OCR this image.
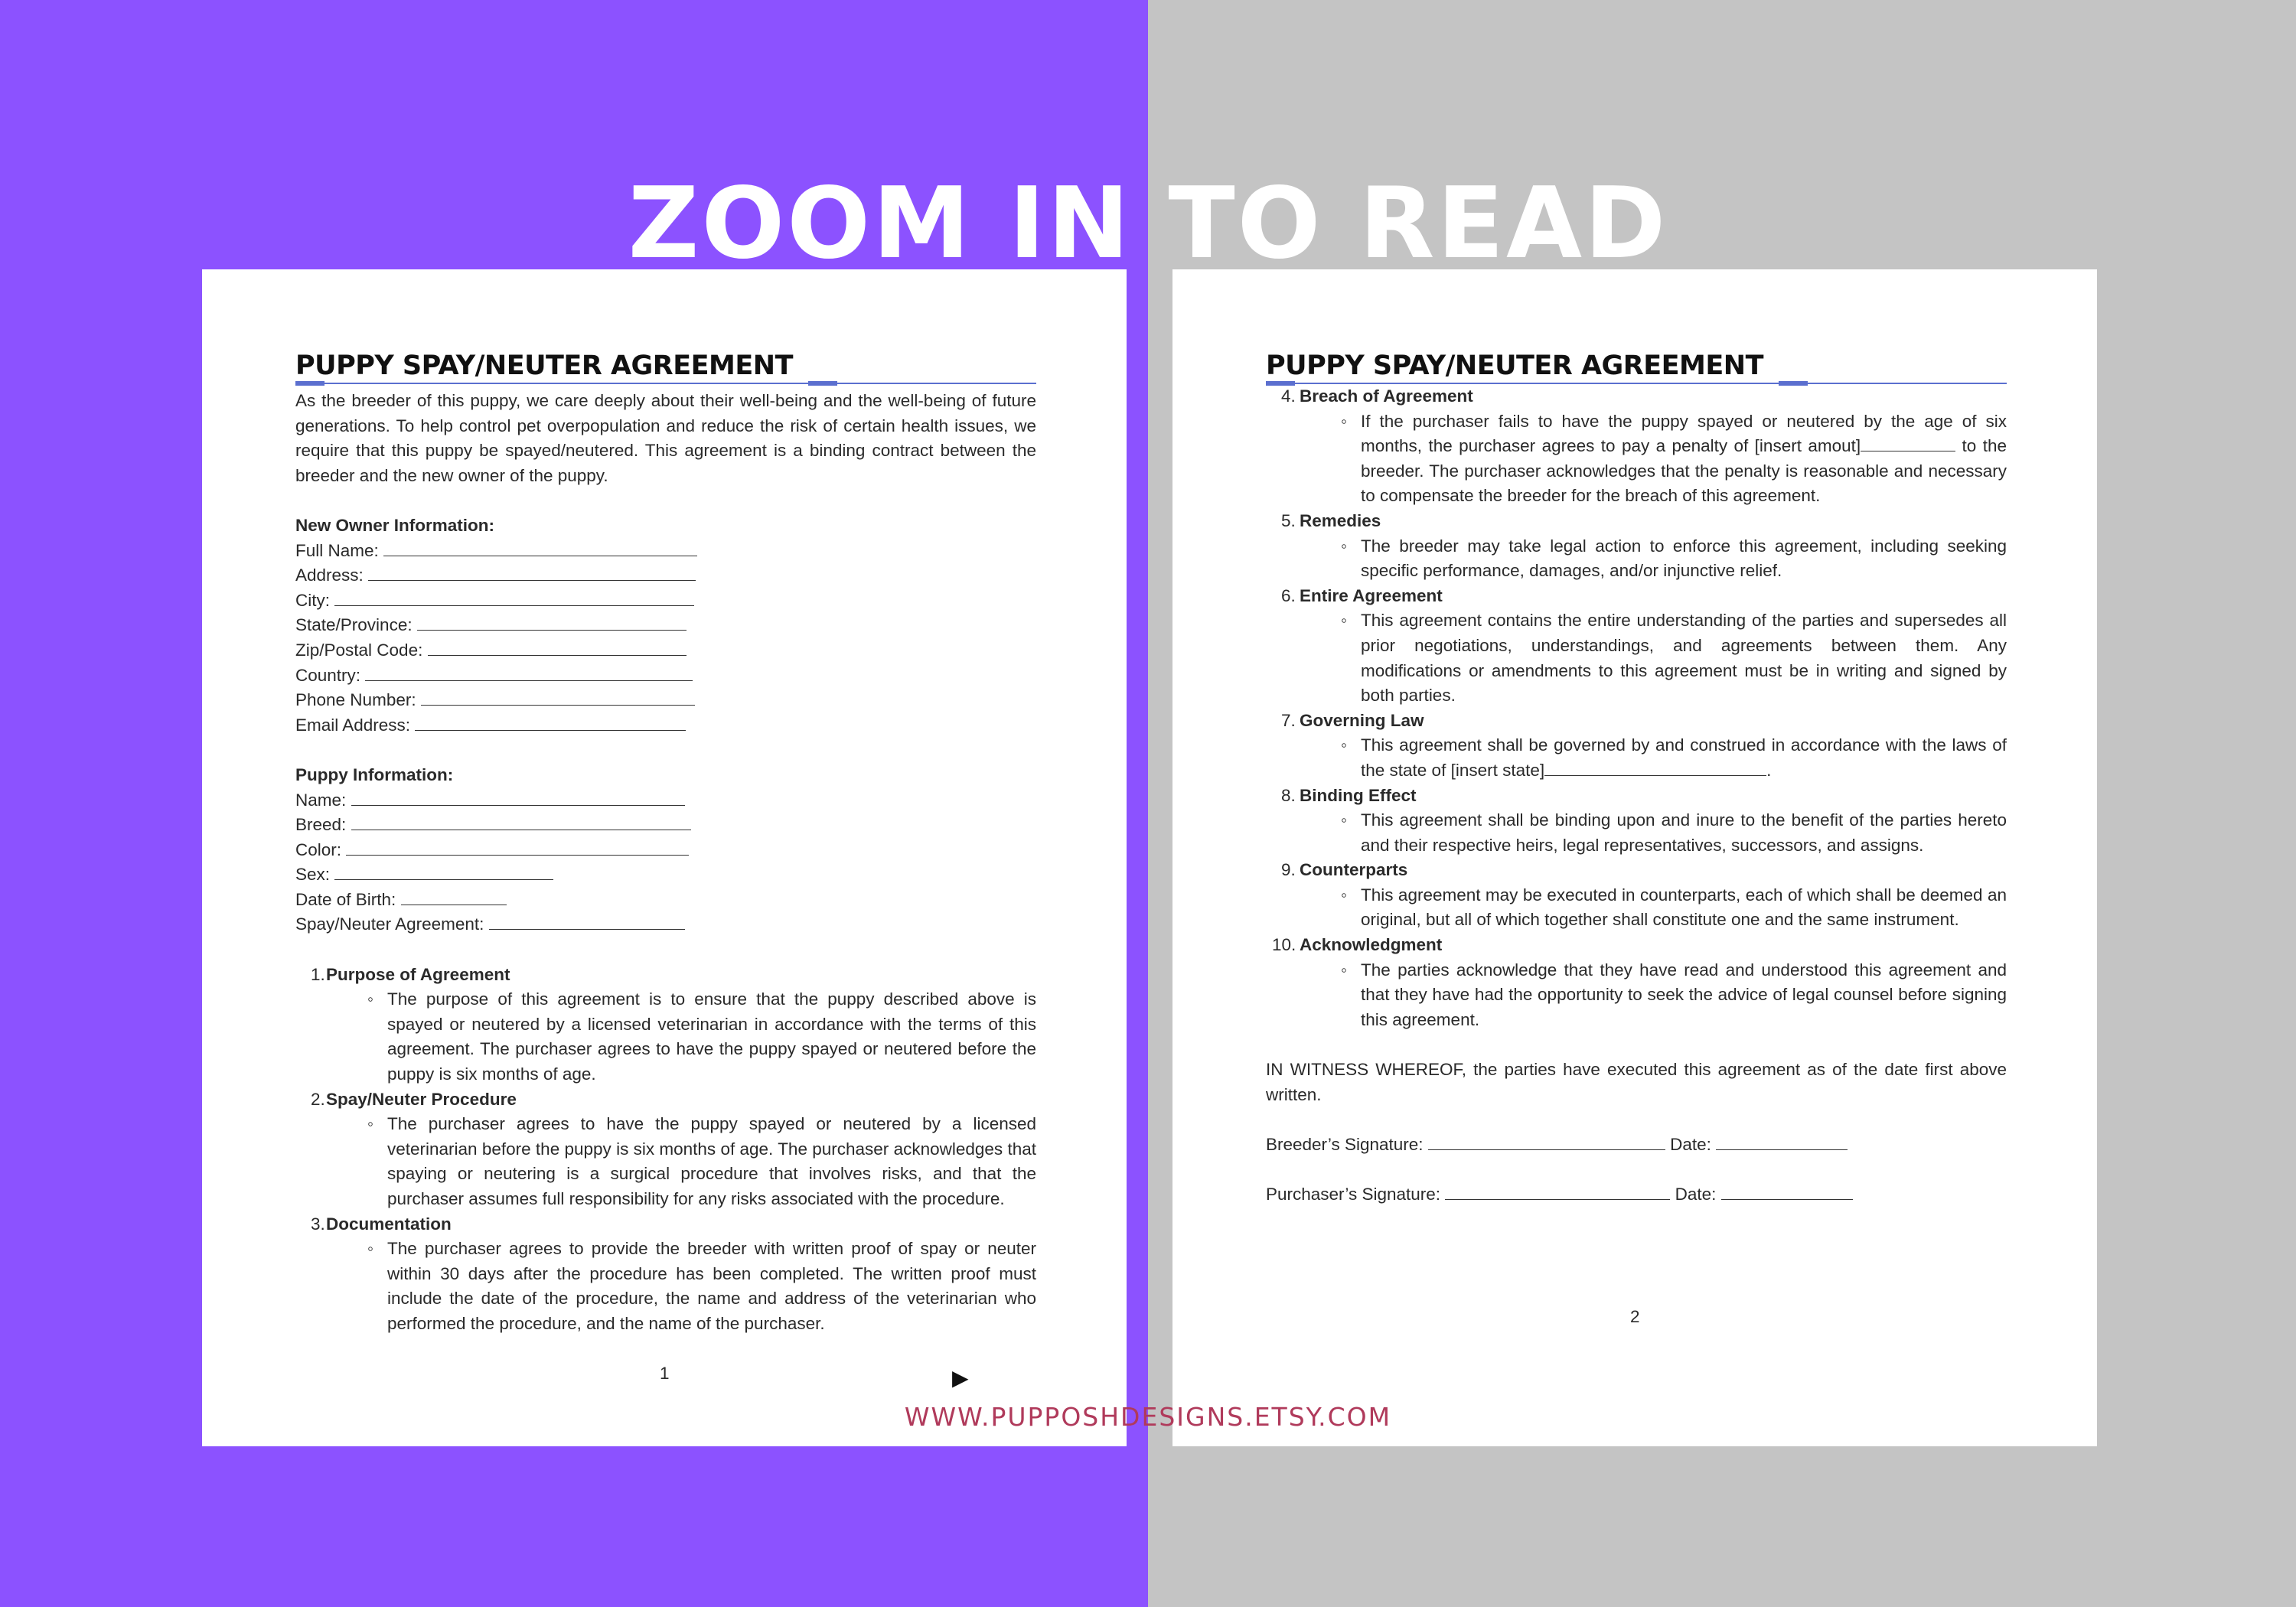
ZOOM IN TO READ
PUPPY SPAY/NEUTER AGREEMENT

As the breeder of this puppy, we care deeply about their well-being and the well-being of future generations. To help control pet overpopulation and reduce the risk of certain health issues, we require that this puppy be spayed/neutered. This agreement is a binding contract between the breeder and the new owner of the puppy.

New Owner Information:

Full Name:

Address:

City:

State/Province:

Zip/Postal Code:

Country:

Phone Number:

Email Address:

Puppy Information:

Name:

Breed:

Color:

Sex:

Date of Birth:

Spay/Neuter Agreement:

1. Purpose of Agreement

◦ The purpose of this agreement is to ensure that the puppy described above is spayed or neutered by a licensed veterinarian in accordance with the terms of this agreement. The purchaser agrees to have the puppy spayed or neutered before the puppy is six months of age.

2. Spay/Neuter Procedure

◦ The purchaser agrees to have the puppy spayed or neutered by a licensed veterinarian before the puppy is six months of age. The purchaser acknowledges that spaying or neutering is a surgical procedure that involves risks, and that the purchaser assumes full responsibility for any risks associated with the procedure.

3. Documentation

◦ The purchaser agrees to provide the breeder with written proof of spay or neuter within 30 days after the procedure has been completed. The written proof must include the date of the procedure, the name and address of the veterinarian who performed the procedure, and the name of the purchaser.

1	▶
PUPPY SPAY/NEUTER AGREEMENT

4. Breach of Agreement

◦ If the purchaser fails to have the puppy spayed or neutered by the age of six months, the purchaser agrees to pay a penalty of [insert amout]	to the breeder. The purchaser acknowledges that the penalty is reasonable and necessary to compensate the breeder for the breach of this agreement.

5. Remedies

◦ The breeder may take legal action to enforce this agreement, including seeking specific performance, damages, and/or injunctive relief.

6. Entire Agreement

◦ This agreement contains the entire understanding of the parties and supersedes all prior negotiations, understandings, and agreements between them. Any modifications or amendments to this agreement must be in writing and signed by both parties.

7. Governing Law

◦ This agreement shall be governed by and construed in accordance with the laws of the state of [insert state]	.

8. Binding Effect

◦ This agreement shall be binding upon and inure to the benefit of the parties hereto and their respective heirs, legal representatives, successors, and assigns.

9. Counterparts

◦ This agreement may be executed in counterparts, each of which shall be deemed an original, but all of which together shall constitute one and the same instrument.

10. Acknowledgment

◦ The parties acknowledge that they have read and understood this agreement and that they have had the opportunity to seek the advice of legal counsel before signing this agreement.

IN WITNESS WHEREOF, the parties have executed this agreement as of the date first above written.

Breeder’s Signature:	Date:

Purchaser’s Signature:	Date:

2
WWW.PUPPOSHDESIGNS.ETSY.COM
